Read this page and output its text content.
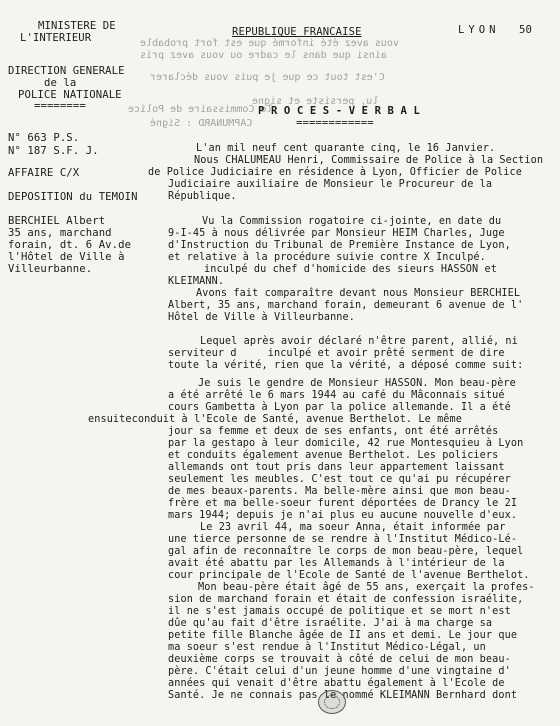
vous avez été informé que est fort probable
ainsi que dans le cadre ou vous avez pris
C'est tout ce que je puis vous déclarer
le Commissaire de Police
lu, persiste et signe
CAPMUNARD : Signé
MINISTERE DE
L'INTERIEUR	REPUBLIQUE FRANCAISE	LYON 50
DIRECTION GENERALE
de la
POLICE NATIONALE
========	P R O C E S - V E R B A L
============
N° 663 P.S.
N° 187 S.F. J.
AFFAIRE C/X
DEPOSITION du TEMOIN
BERCHIEL Albert
35 ans, marchand
forain, dt. 6 Av.de
l'Hôtel de Ville à
Villeurbanne.
L'an mil neuf cent quarante cinq, le 16 Janvier.
Nous CHALUMEAU Henri, Commissaire de Police à la Section
de Police Judiciaire en résidence à Lyon, Officier de Police
Judiciaire auxiliaire de Monsieur le Procureur de la
République.
Vu la Commission rogatoire ci-jointe, en date du
9-I-45 à nous délivrée par Monsieur HEIM Charles, Juge
d'Instruction du Tribunal de Première Instance de Lyon,
et relative à la procédure suivie contre X Inculpé.
inculpé du chef d'homicide des sieurs HASSON et
KLEIMANN.
Avons fait comparaître devant nous Monsieur BERCHIEL
Albert, 35 ans, marchand forain, demeurant 6 avenue de l'
Hôtel de Ville à Villeurbanne.
Lequel après avoir déclaré n'être parent, allié, ni
serviteur d     inculpé et avoir prêté serment de dire
toute la vérité, rien que la vérité, a déposé comme suit:
Je suis le gendre de Monsieur HASSON. Mon beau-père
a été arrêté le 6 mars 1944 au café du Mâconnais situé
cours Gambetta à Lyon par la police allemande. Il a été
ensuiteconduit à l'Ecole de Santé, avenue Berthelot. Le même
jour sa femme et deux de ses enfants, ont été arrêtés
par la gestapo à leur domicile, 42 rue Montesquieu à Lyon
et conduits également avenue Berthelot. Les policiers
allemands ont tout pris dans leur appartement laissant
seulement les meubles. C'est tout ce qu'ai pu récupérer
de mes beaux-parents. Ma belle-mère ainsi que mon beau-
frère et ma belle-soeur furent déportées de Drancy le 2I
mars 1944; depuis je n'ai plus eu aucune nouvelle d'eux.
Le 23 avril 44, ma soeur Anna, était informée par
une tierce personne de se rendre à l'Institut Médico-Lé-
gal afin de reconnaître le corps de mon beau-père, lequel
avait été abattu par les Allemands à l'intérieur de la
cour principale de l'Ecole de Santé de l'avenue Berthelot.
Mon beau-père était âgé de 55 ans, exerçait la profes-
sion de marchand forain et était de confession israélite,
il ne s'est jamais occupé de politique et se mort n'est
dûe qu'au fait d'être israélite. J'ai à ma charge sa
petite fille Blanche âgée de II ans et demi. Le jour que
ma soeur s'est rendue à l'Institut Médico-Légal, un
deuxième corps se trouvait à côté de celui de mon beau-
père. C'était celui d'un jeune homme d'une vingtaine d'
années qui venait d'être abattu également à l'Ecole de
Santé. Je ne connais pas le nommé KLEIMANN Bernhard dont
